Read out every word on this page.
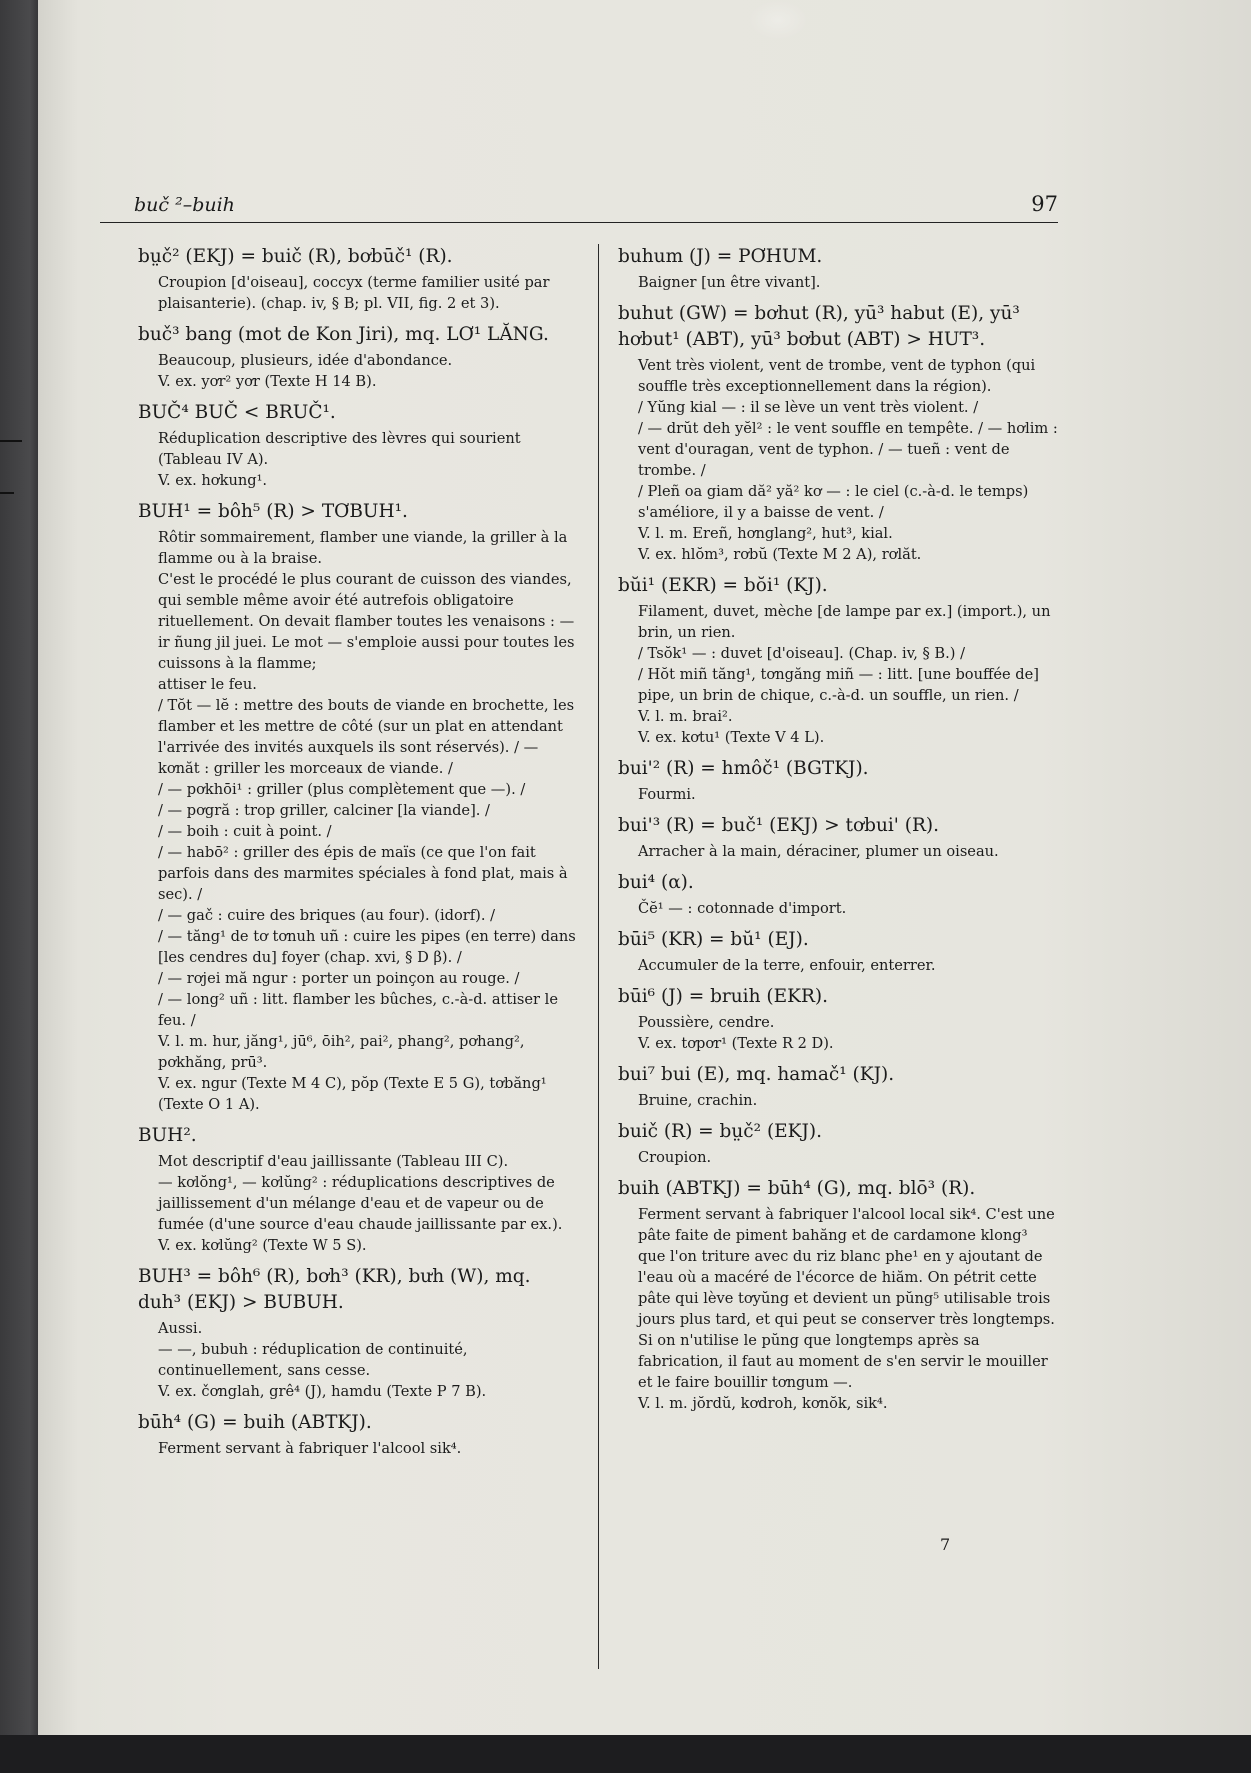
buč ²–buih	97
bṳč² (EKJ) = buič (R), bơbūč¹ (R).

Croupion [d'oiseau], coccyx (terme familier usité par plaisanterie). (chap. iv, § B; pl. VII, fig. 2 et 3).

buč³ bang (mot de Kon Jiri), mq. LƠ¹ LĂNG.

Beaucoup, plusieurs, idée d'abondance.

V. ex. yơr² yơr (Texte H 14 B).

BUČ⁴ BUČ < BRUČ¹.

Réduplication descriptive des lèvres qui sourient (Tableau IV A).

V. ex. hơkung¹.

BUH¹ = bôh⁵ (R) > TƠBUH¹.

Rôtir sommairement, flamber une viande, la griller à la flamme ou à la braise.

C'est le procédé le plus courant de cuisson des viandes, qui semble même avoir été autrefois obligatoire rituellement. On devait flamber toutes les venaisons : — ir ñung jil juei. Le mot — s'emploie aussi pour toutes les cuissons à la flamme;

attiser le feu.

/ Tŏt — lĕ : mettre des bouts de viande en brochette, les flamber et les mettre de côté (sur un plat en attendant l'arrivée des invités auxquels ils sont réservés). / — kơnăt : griller les morceaux de viande. /

/ — pơkhōi¹ : griller (plus complètement que —). /

/ — pơgră : trop griller, calciner [la viande]. /

/ — boih : cuit à point. /

/ — habō² : griller des épis de maïs (ce que l'on fait parfois dans des marmites spéciales à fond plat, mais à sec). /

/ — gač : cuire des briques (au four). (idorf). /

/ — tăng¹ de tơ tơnuh uñ : cuire les pipes (en terre) dans [les cendres du] foyer (chap. xvi, § D β). /

/ — rơjei mă ngur : porter un poinçon au rouge. /

/ — long² uñ : litt. flamber les bûches, c.-à-d. attiser le feu. /

V. l. m. hur, jăng¹, jū⁶, ōih², pai², phang², pơhang², pơkhăng, prū³.

V. ex. ngur (Texte M 4 C), pŏp (Texte E 5 G), tơbăng¹ (Texte O 1 A).

BUH².

Mot descriptif d'eau jaillissante (Tableau III C).

— kơlŏng¹, — kơlŭng² : réduplications descriptives de jaillissement d'un mélange d'eau et de vapeur ou de fumée (d'une source d'eau chaude jaillissante par ex.).

V. ex. kơlŭng² (Texte W 5 S).

BUH³ = bôh⁶ (R), bơh³ (KR), bưh (W), mq. duh³ (EKJ) > BUBUH.

Aussi.

— —, bubuh : réduplication de continuité, continuellement, sans cesse.

V. ex. čơnglah, grê⁴ (J), hamdu (Texte P 7 B).

būh⁴ (G) = buih (ABTKJ).

Ferment servant à fabriquer l'alcool sik⁴.

buhum (J) = PƠHUM.

Baigner [un être vivant].

buhut (GW) = bơhut (R), yū³ habut (E), yū³ hơbut¹ (ABT), yū³ bơbut (ABT) > HUT³.

Vent très violent, vent de trombe, vent de typhon (qui souffle très exceptionnellement dans la région).

/ Yŭng kial — : il se lève un vent très violent. /

/ — drŭt deh yĕl² : le vent souffle en tempête. / — hơlim : vent d'ouragan, vent de typhon. / — tueñ : vent de trombe. /

/ Pleñ oa giam dă² yă² kơ — : le ciel (c.-à-d. le temps) s'améliore, il y a baisse de vent. /

V. l. m. Ereñ, hơnglang², hut³, kial.

V. ex. hlŏm³, rơbŭ (Texte M 2 A), rơlăt.

bŭi¹ (EKR) = bŏi¹ (KJ).

Filament, duvet, mèche [de lampe par ex.] (import.), un brin, un rien.

/ Tsŏk¹ — : duvet [d'oiseau]. (Chap. iv, § B.) /

/ Hŏt miñ tăng¹, tơngăng miñ — : litt. [une bouffée de] pipe, un brin de chique, c.-à-d. un souffle, un rien. /

V. l. m. brai².

V. ex. kơtu¹ (Texte V 4 L).

bui'² (R) = hmôč¹ (BGTKJ).

Fourmi.

bui'³ (R) = buč¹ (EKJ) > tơbui' (R).

Arracher à la main, déraciner, plumer un oiseau.

bui⁴ (α).

Čĕ¹ — : cotonnade d'import.

būi⁵ (KR) = bŭ¹ (EJ).

Accumuler de la terre, enfouir, enterrer.

būi⁶ (J) = bruih (EKR).

Poussière, cendre.

V. ex. tơpơr¹ (Texte R 2 D).

bui⁷ bui (E), mq. hamač¹ (KJ).

Bruine, crachin.

buič (R) = bṳč² (EKJ).

Croupion.

buih (ABTKJ) = būh⁴ (G), mq. blō³ (R).

Ferment servant à fabriquer l'alcool local sik⁴. C'est une pâte faite de piment bahăng et de cardamone klong³ que l'on triture avec du riz blanc phe¹ en y ajoutant de l'eau où a macéré de l'écorce de hiăm. On pétrit cette pâte qui lève tơyŭng et devient un pŭng⁵ utilisable trois jours plus tard, et qui peut se conserver très longtemps. Si on n'utilise le pŭng que longtemps après sa fabrication, il faut au moment de s'en servir le mouiller et le faire bouillir tơngum —.

V. l. m. jŏrdŭ, kơdroh, kơnŏk, sik⁴.

7
